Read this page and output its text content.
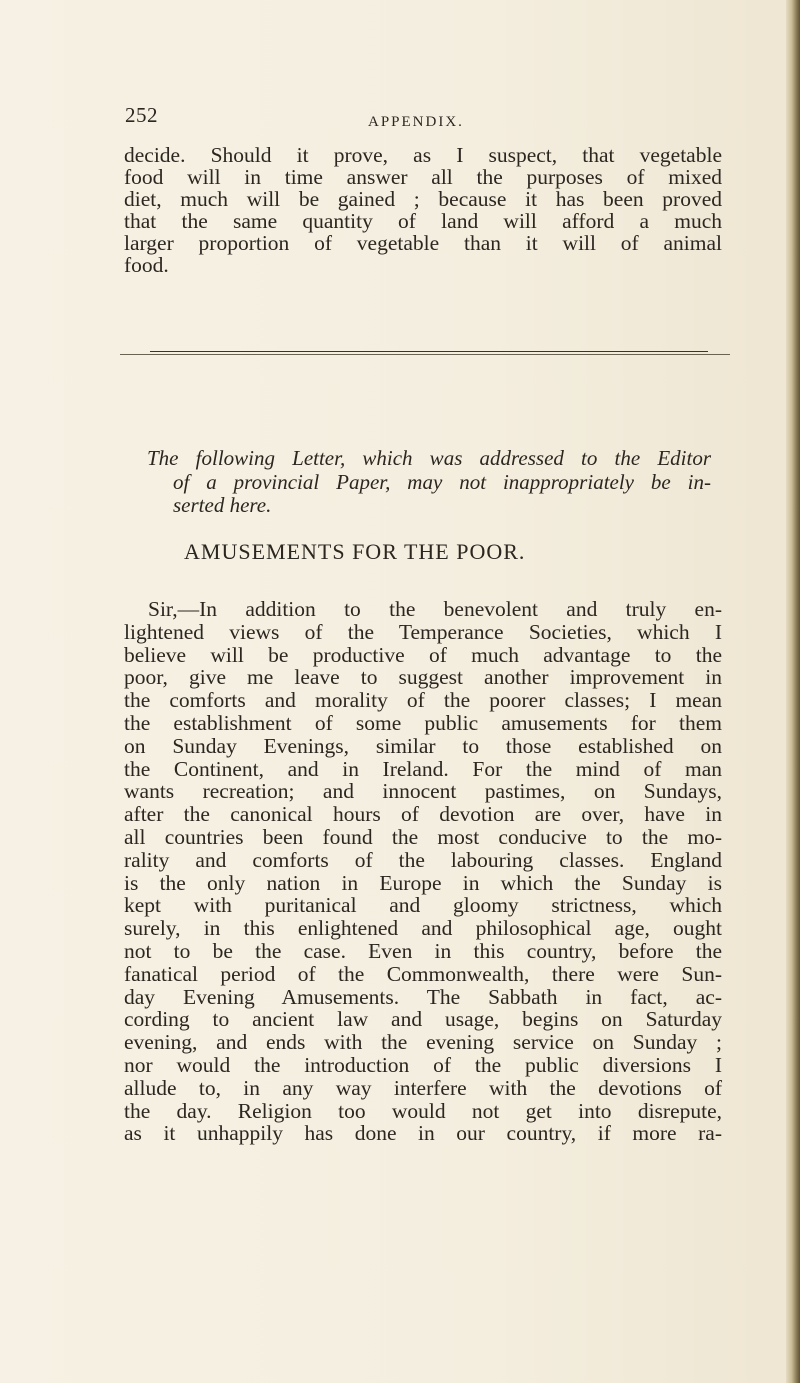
252	APPENDIX.
decide. Should it prove, as I suspect, that vegetable
food will in time answer all the purposes of mixed
diet, much will be gained ; because it has been proved
that the same quantity of land will afford a much
larger proportion of vegetable than it will of animal
food.
The following Letter, which was addressed to the Editor
of a provincial Paper, may not inappropriately be in-
serted here.
AMUSEMENTS FOR THE POOR.
Sir,—In addition to the benevolent and truly en-
lightened views of the Temperance Societies, which I
believe will be productive of much advantage to the
poor, give me leave to suggest another improvement in
the comforts and morality of the poorer classes; I mean
the establishment of some public amusements for them
on Sunday Evenings, similar to those established on
the Continent, and in Ireland. For the mind of man
wants recreation; and innocent pastimes, on Sundays,
after the canonical hours of devotion are over, have in
all countries been found the most conducive to the mo-
rality and comforts of the labouring classes. England
is the only nation in Europe in which the Sunday is
kept with puritanical and gloomy strictness, which
surely, in this enlightened and philosophical age, ought
not to be the case. Even in this country, before the
fanatical period of the Commonwealth, there were Sun-
day Evening Amusements. The Sabbath in fact, ac-
cording to ancient law and usage, begins on Saturday
evening, and ends with the evening service on Sunday ;
nor would the introduction of the public diversions I
allude to, in any way interfere with the devotions of
the day. Religion too would not get into disrepute,
as it unhappily has done in our country, if more ra-
